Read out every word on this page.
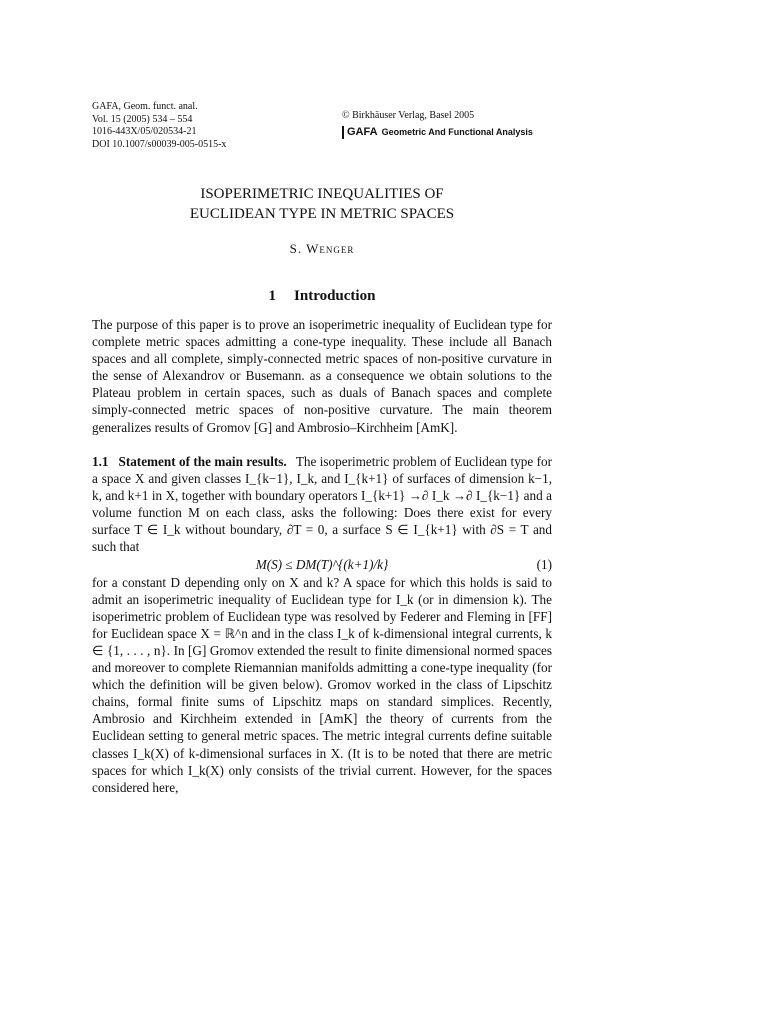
GAFA, Geom. funct. anal.
Vol. 15 (2005) 534 – 554
1016-443X/05/020534-21
DOI 10.1007/s00039-005-0515-x
© Birkhäuser Verlag, Basel 2005
GAFA Geometric And Functional Analysis
ISOPERIMETRIC INEQUALITIES OF
EUCLIDEAN TYPE IN METRIC SPACES
S. Wenger
1 Introduction
The purpose of this paper is to prove an isoperimetric inequality of Euclidean type for complete metric spaces admitting a cone-type inequality. These include all Banach spaces and all complete, simply-connected metric spaces of non-positive curvature in the sense of Alexandrov or Busemann. as a consequence we obtain solutions to the Plateau problem in certain spaces, such as duals of Banach spaces and complete simply-connected metric spaces of non-positive curvature. The main theorem generalizes results of Gromov [G] and Ambrosio–Kirchheim [AmK].
1.1 Statement of the main results. The isoperimetric problem of Euclidean type for a space X and given classes I_{k−1}, I_k, and I_{k+1} of surfaces of dimension k−1, k, and k+1 in X, together with boundary operators I_{k+1} →∂ I_k →∂ I_{k−1} and a volume function M on each class, asks the following: Does there exist for every surface T ∈ I_k without boundary, ∂T = 0, a surface S ∈ I_{k+1} with ∂S = T and such that
M(S) ≤ DM(T)^{(k+1)/k}	(1)
for a constant D depending only on X and k? A space for which this holds is said to admit an isoperimetric inequality of Euclidean type for I_k (or in dimension k). The isoperimetric problem of Euclidean type was resolved by Federer and Fleming in [FF] for Euclidean space X = ℝ^n and in the class I_k of k-dimensional integral currents, k ∈ {1, . . . , n}. In [G] Gromov extended the result to finite dimensional normed spaces and moreover to complete Riemannian manifolds admitting a cone-type inequality (for which the definition will be given below). Gromov worked in the class of Lipschitz chains, formal finite sums of Lipschitz maps on standard simplices. Recently, Ambrosio and Kirchheim extended in [AmK] the theory of currents from the Euclidean setting to general metric spaces. The metric integral currents define suitable classes I_k(X) of k-dimensional surfaces in X. (It is to be noted that there are metric spaces for which I_k(X) only consists of the trivial current. However, for the spaces considered here,
